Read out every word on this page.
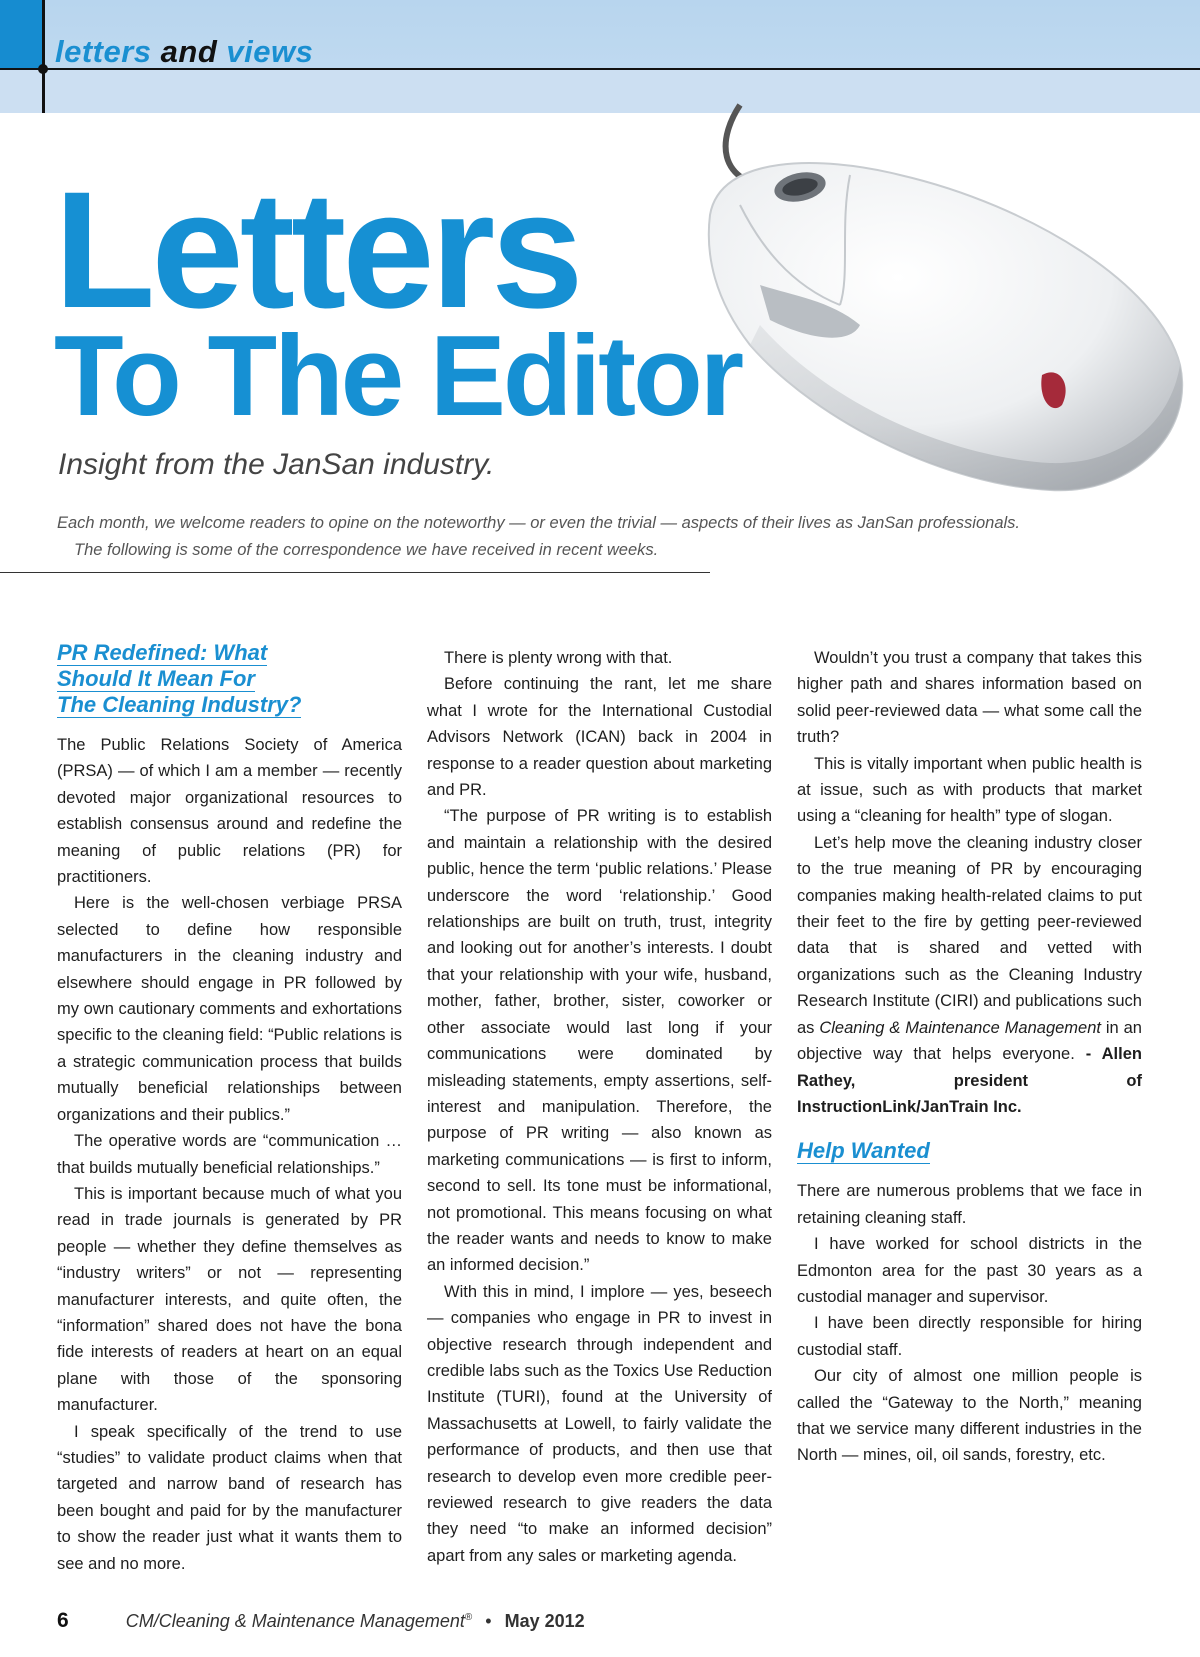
letters and views
Letters
To The Editor
Insight from the JanSan industry.
Each month, we welcome readers to opine on the noteworthy — or even the trivial — aspects of their lives as JanSan professionals.
The following is some of the correspondence we have received in recent weeks.
PR Redefined: What
Should It Mean For
The Cleaning Industry?

The Public Relations Society of America (PRSA) — of which I am a member — recently devoted major organizational resources to establish consensus around and redefine the meaning of public relations (PR) for practitioners.

Here is the well-chosen verbiage PRSA selected to define how responsible manufacturers in the cleaning industry and elsewhere should engage in PR followed by my own cautionary comments and exhortations specific to the cleaning field: “Public relations is a strategic communication process that builds mutually beneficial relationships between organizations and their publics.”

The operative words are “communication … that builds mutually beneficial relationships.”

This is important because much of what you read in trade journals is generated by PR people — whether they define themselves as “industry writers” or not — representing manufacturer interests, and quite often, the “information” shared does not have the bona fide interests of readers at heart on an equal plane with those of the sponsoring manufacturer.

I speak specifically of the trend to use “studies” to validate product claims when that targeted and narrow band of research has been bought and paid for by the manufacturer to show the reader just what it wants them to see and no more.

There is plenty wrong with that.

Before continuing the rant, let me share what I wrote for the International Custodial Advisors Network (ICAN) back in 2004 in response to a reader question about marketing and PR.

“The purpose of PR writing is to establish and maintain a relationship with the desired public, hence the term ‘public relations.’ Please underscore the word ‘relationship.’ Good relationships are built on truth, trust, integrity and looking out for another’s interests. I doubt that your relationship with your wife, husband, mother, father, brother, sister, coworker or other associate would last long if your communications were dominated by misleading statements, empty assertions, self-interest and manipulation. Therefore, the purpose of PR writing — also known as marketing communications — is first to inform, second to sell. Its tone must be informational, not promotional. This means focusing on what the reader wants and needs to know to make an informed decision.”

With this in mind, I implore — yes, beseech — companies who engage in PR to invest in objective research through independent and credible labs such as the Toxics Use Reduction Institute (TURI), found at the University of Massachusetts at Lowell, to fairly validate the performance of products, and then use that research to develop even more credible peer-reviewed research to give readers the data they need “to make an informed decision” apart from any sales or marketing agenda.

Wouldn’t you trust a company that takes this higher path and shares information based on solid peer-reviewed data — what some call the truth?

This is vitally important when public health is at issue, such as with products that market using a “cleaning for health” type of slogan.

Let’s help move the cleaning industry closer to the true meaning of PR by encouraging companies making health-related claims to put their feet to the fire by getting peer-reviewed data that is shared and vetted with organizations such as the Cleaning Industry Research Institute (CIRI) and publications such as Cleaning & Maintenance Management in an objective way that helps everyone. - Allen Rathey, president of InstructionLink/JanTrain Inc.

Help Wanted

There are numerous problems that we face in retaining cleaning staff.

I have worked for school districts in the Edmonton area for the past 30 years as a custodial manager and supervisor.

I have been directly responsible for hiring custodial staff.

Our city of almost one million people is called the “Gateway to the North,” meaning that we service many different industries in the North — mines, oil, oil sands, forestry, etc.

6	CM/Cleaning & Maintenance Management® • May 2012
